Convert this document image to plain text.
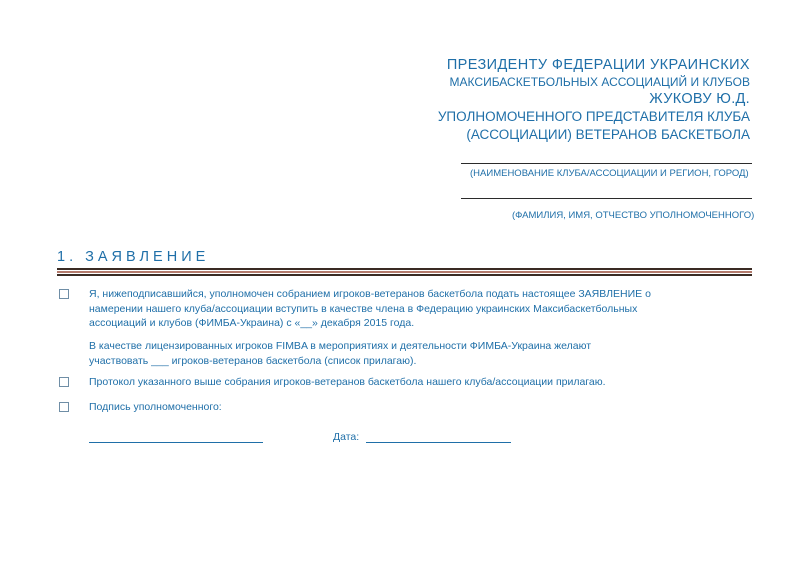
ПРЕЗИДЕНТУ ФЕДЕРАЦИИ УКРАИНСКИХ
МАКСИБАСКЕТБОЛЬНЫХ АССОЦИАЦИЙ И КЛУБОВ
ЖУКОВУ Ю.Д.
УПОЛНОМОЧЕННОГО ПРЕДСТАВИТЕЛЯ КЛУБА
(АССОЦИАЦИИ) ВЕТЕРАНОВ БАСКЕТБОЛА
(НАИМЕНОВАНИЕ КЛУБА/АССОЦИАЦИИ И РЕГИОН, ГОРОД)
(ФАМИЛИЯ, ИМЯ, ОТЧЕСТВО УПОЛНОМОЧЕННОГО)
1. ЗАЯВЛЕНИЕ
Я, нижеподписавшийся, уполномочен собранием игроков-ветеранов баскетбола подать настоящее ЗАЯВЛЕНИЕ о
намерении нашего клуба/ассоциации вступить в качестве члена в Федерацию украинских Максибаскетбольных
ассоциаций и клубов (ФИМБА-Украина) с «__» декабря 2015 года.
В качестве лицензированных игроков FIMBA в мероприятиях и деятельности ФИМБА-Украина желают
участвовать ___ игроков-ветеранов баскетбола (список прилагаю).
Протокол указанного выше собрания игроков-ветеранов баскетбола нашего клуба/ассоциации прилагаю.
Подпись уполномоченного:
Дата:
